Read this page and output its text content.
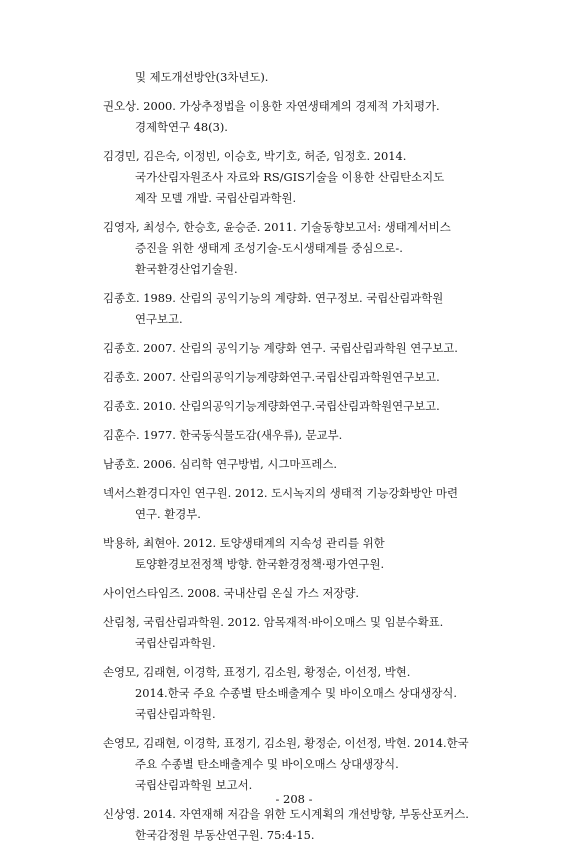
및 제도개선방안(3차년도).
권오상. 2000. 가상추정법을 이용한 자연생태계의 경제적 가치평가.
경제학연구 48(3).
김경민, 김은숙, 이정빈, 이승호, 박기호, 허준, 임정호. 2014.
국가산림자원조사 자료와 RS/GIS기술을 이용한 산림탄소지도
제작 모델 개발. 국립산림과학원.
김영자, 최성수, 한승호, 윤승준. 2011. 기술동향보고서: 생태계서비스
증진을 위한 생태계 조성기술-도시생태계를 중심으로-.
환국환경산업기술원.
김종호. 1989. 산림의 공익기능의 계량화. 연구정보. 국립산림과학원
연구보고.
김종호. 2007. 산림의 공익기능 계량화 연구. 국립산림과학원 연구보고.
김종호. 2007. 산림의공익기능계량화연구.국립산림과학원연구보고.
김종호. 2010. 산림의공익기능계량화연구.국립산림과학원연구보고.
김훈수. 1977. 한국동식물도감(새우류), 문교부.
남종호. 2006. 심리학 연구방법, 시그마프레스.
넥서스환경디자인 연구원. 2012. 도시녹지의 생태적 기능강화방안 마련
연구. 환경부.
박용하, 최현아. 2012. 토양생태계의 지속성 관리를 위한
토양환경보전정책 방향. 한국환경정책·평가연구원.
사이언스타임즈. 2008. 국내산림 온실 가스 저장량.
산림청, 국립산림과학원. 2012. 암목재적·바이오매스 및 임분수확표.
국립산림과학원.
손영모, 김래현, 이경학, 표정기, 김소원, 황정순, 이선정, 박현.
2014.한국 주요 수종별 탄소배출계수 및 바이오매스 상대생장식.
국립산림과학원.
손영모, 김래현, 이경학, 표정기, 김소원, 황정순, 이선정, 박현. 2014.한국
주요 수종별 탄소배출계수 및 바이오매스 상대생장식.
국립산림과학원 보고서.
신상영. 2014. 자연재해 저감을 위한 도시계획의 개선방향, 부동산포커스.
한국감정원 부동산연구원. 75:4-15.
- 208 -
